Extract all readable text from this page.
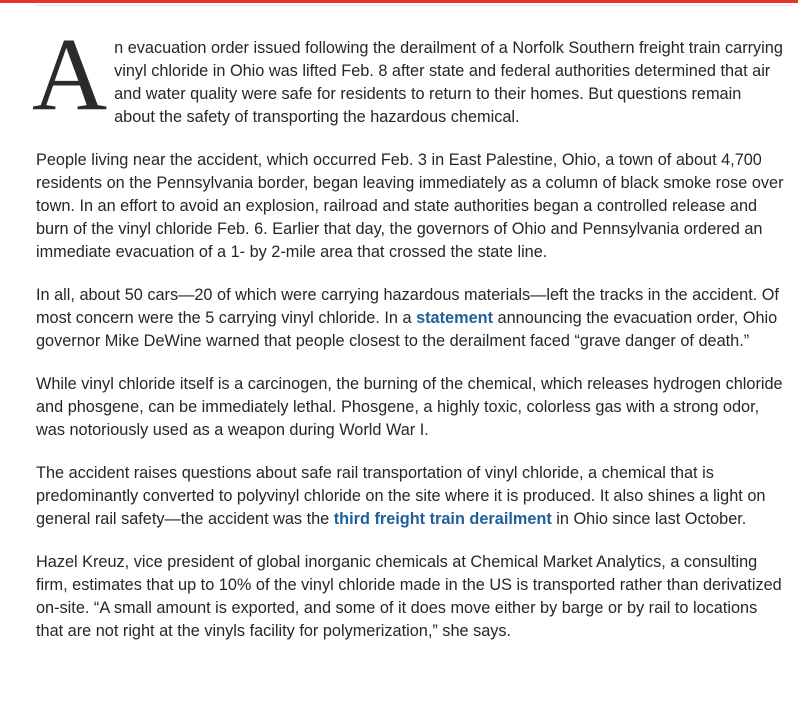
An evacuation order issued following the derailment of a Norfolk Southern freight train carrying vinyl chloride in Ohio was lifted Feb. 8 after state and federal authorities determined that air and water quality were safe for residents to return to their homes. But questions remain about the safety of transporting the hazardous chemical.

People living near the accident, which occurred Feb. 3 in East Palestine, Ohio, a town of about 4,700 residents on the Pennsylvania border, began leaving immediately as a column of black smoke rose over town. In an effort to avoid an explosion, railroad and state authorities began a controlled release and burn of the vinyl chloride Feb. 6. Earlier that day, the governors of Ohio and Pennsylvania ordered an immediate evacuation of a 1- by 2-mile area that crossed the state line.

In all, about 50 cars—20 of which were carrying hazardous materials—left the tracks in the accident. Of most concern were the 5 carrying vinyl chloride. In a statement announcing the evacuation order, Ohio governor Mike DeWine warned that people closest to the derailment faced “grave danger of death.”

While vinyl chloride itself is a carcinogen, the burning of the chemical, which releases hydrogen chloride and phosgene, can be immediately lethal. Phosgene, a highly toxic, colorless gas with a strong odor, was notoriously used as a weapon during World War I.

The accident raises questions about safe rail transportation of vinyl chloride, a chemical that is predominantly converted to polyvinyl chloride on the site where it is produced. It also shines a light on general rail safety—the accident was the third freight train derailment in Ohio since last October.

Hazel Kreuz, vice president of global inorganic chemicals at Chemical Market Analytics, a consulting firm, estimates that up to 10% of the vinyl chloride made in the US is transported rather than derivatized on-site. “A small amount is exported, and some of it does move either by barge or by rail to locations that are not right at the vinyls facility for polymerization,” she says.
